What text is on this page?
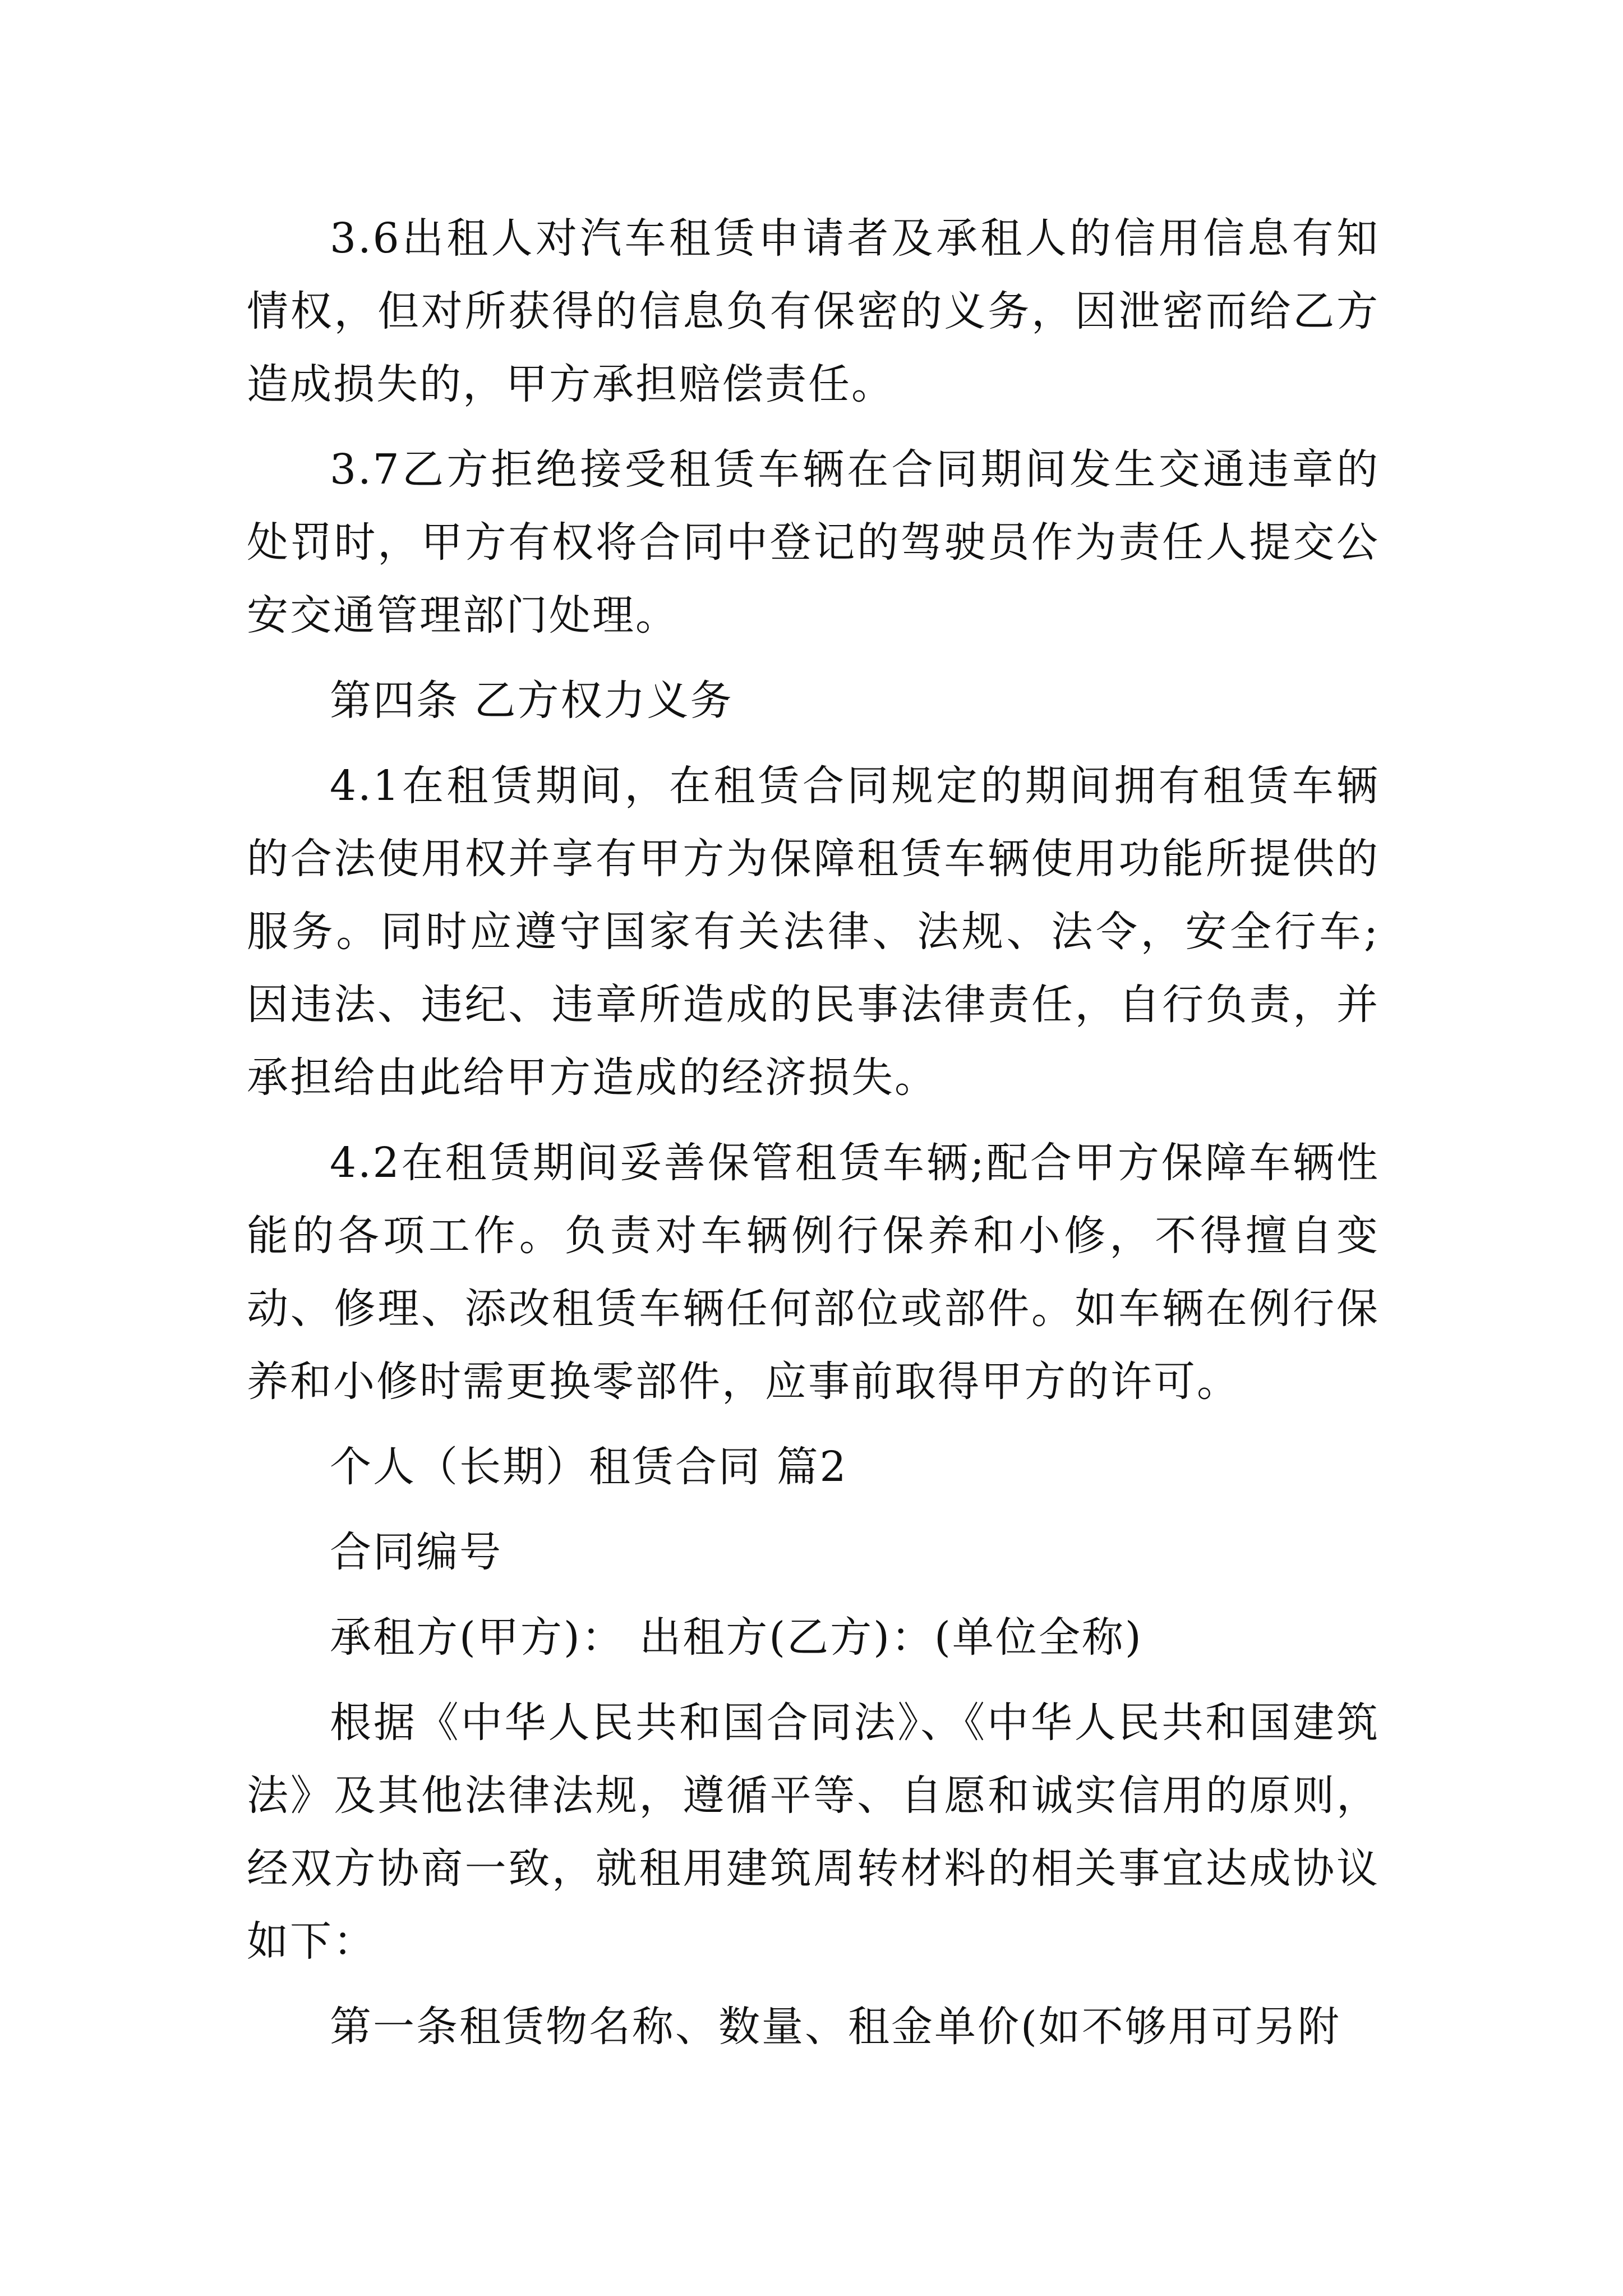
3.6出租人对汽车租赁申请者及承租人的信用信息有知情权，但对所获得的信息负有保密的义务，因泄密而给乙方造成损失的，甲方承担赔偿责任。

3.7乙方拒绝接受租赁车辆在合同期间发生交通违章的处罚时，甲方有权将合同中登记的驾驶员作为责任人提交公安交通管理部门处理。

第四条 乙方权力义务

4.1在租赁期间，在租赁合同规定的期间拥有租赁车辆的合法使用权并享有甲方为保障租赁车辆使用功能所提供的服务。同时应遵守国家有关法律、法规、法令，安全行车;因违法、违纪、违章所造成的民事法律责任，自行负责，并承担给由此给甲方造成的经济损失。

4.2在租赁期间妥善保管租赁车辆;配合甲方保障车辆性能的各项工作。负责对车辆例行保养和小修，不得擅自变动、修理、添改租赁车辆任何部位或部件。如车辆在例行保养和小修时需更换零部件，应事前取得甲方的许可。

个人（长期）租赁合同 篇2

合同编号

承租方(甲方)： 出租方(乙方)：(单位全称)

根据《中华人民共和国合同法》、《中华人民共和国建筑法》及其他法律法规，遵循平等、自愿和诚实信用的原则，经双方协商一致，就租用建筑周转材料的相关事宜达成协议如下：

第一条租赁物名称、数量、租金单价(如不够用可另附
